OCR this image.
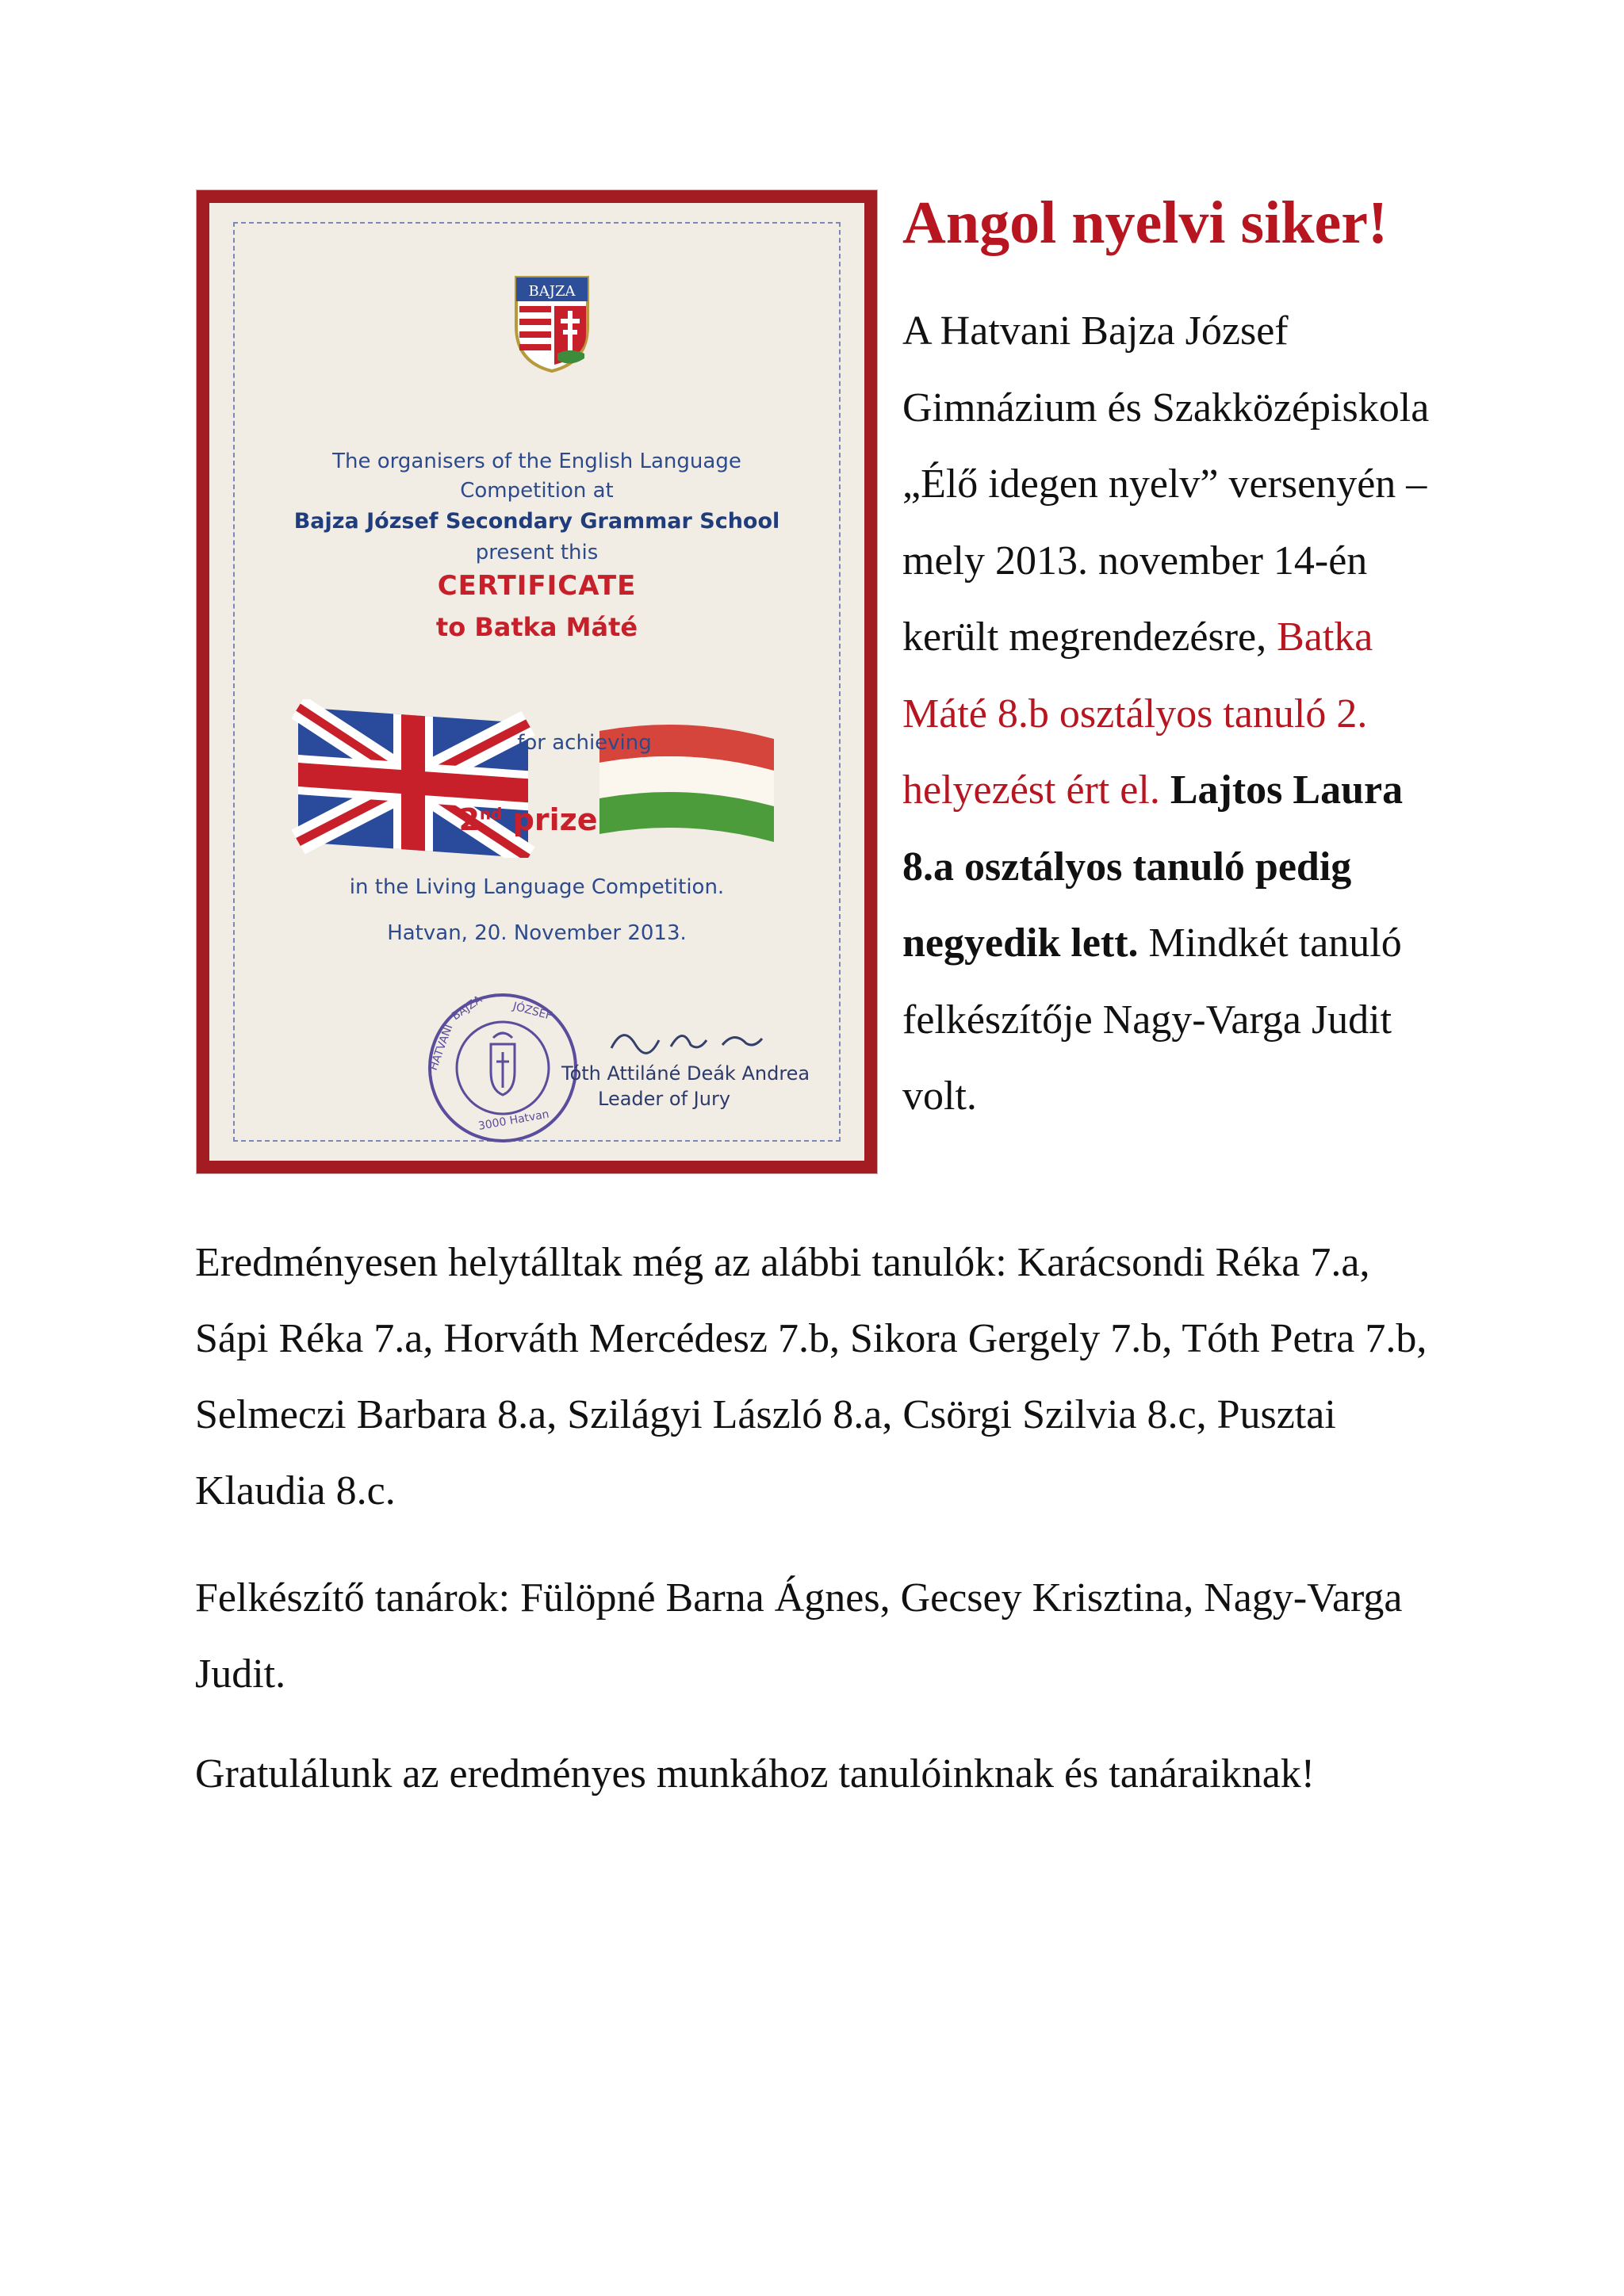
BAJZA
The organisers of the English Language
Competition at
Bajza József Secondary Grammar School
present this
CERTIFICATE
to Batka Máté
for achieving
2nd prize
in the Living Language Competition.
Hatvan, 20. November 2013.
HATVANI
BAJZA JÓZSEF
3000 Hatvan
Tóth Attiláné Deák Andrea
Leader of Jury
Angol nyelvi siker!
A Hatvani Bajza József Gimnázium és Szakközépiskola „Élő idegen nyelv” versenyén – mely 2013. november 14-én került megrendezésre, Batka Máté 8.b osztályos tanuló 2. helyezést ért el. Lajtos Laura 8.a osztályos tanuló pedig negyedik lett. Mindkét tanuló felkészítője Nagy-Varga Judit volt.

Eredményesen helytálltak még az alábbi tanulók: Karácsondi Réka 7.a, Sápi Réka 7.a, Horváth Mercédesz 7.b, Sikora Gergely 7.b, Tóth Petra 7.b, Selmeczi Barbara 8.a, Szilágyi László 8.a, Csörgi Szilvia 8.c, Pusztai Klaudia 8.c.

Felkészítő tanárok: Fülöpné Barna Ágnes, Gecsey Krisztina, Nagy-Varga Judit.

Gratulálunk az eredményes munkához tanulóinknak és tanáraiknak!
